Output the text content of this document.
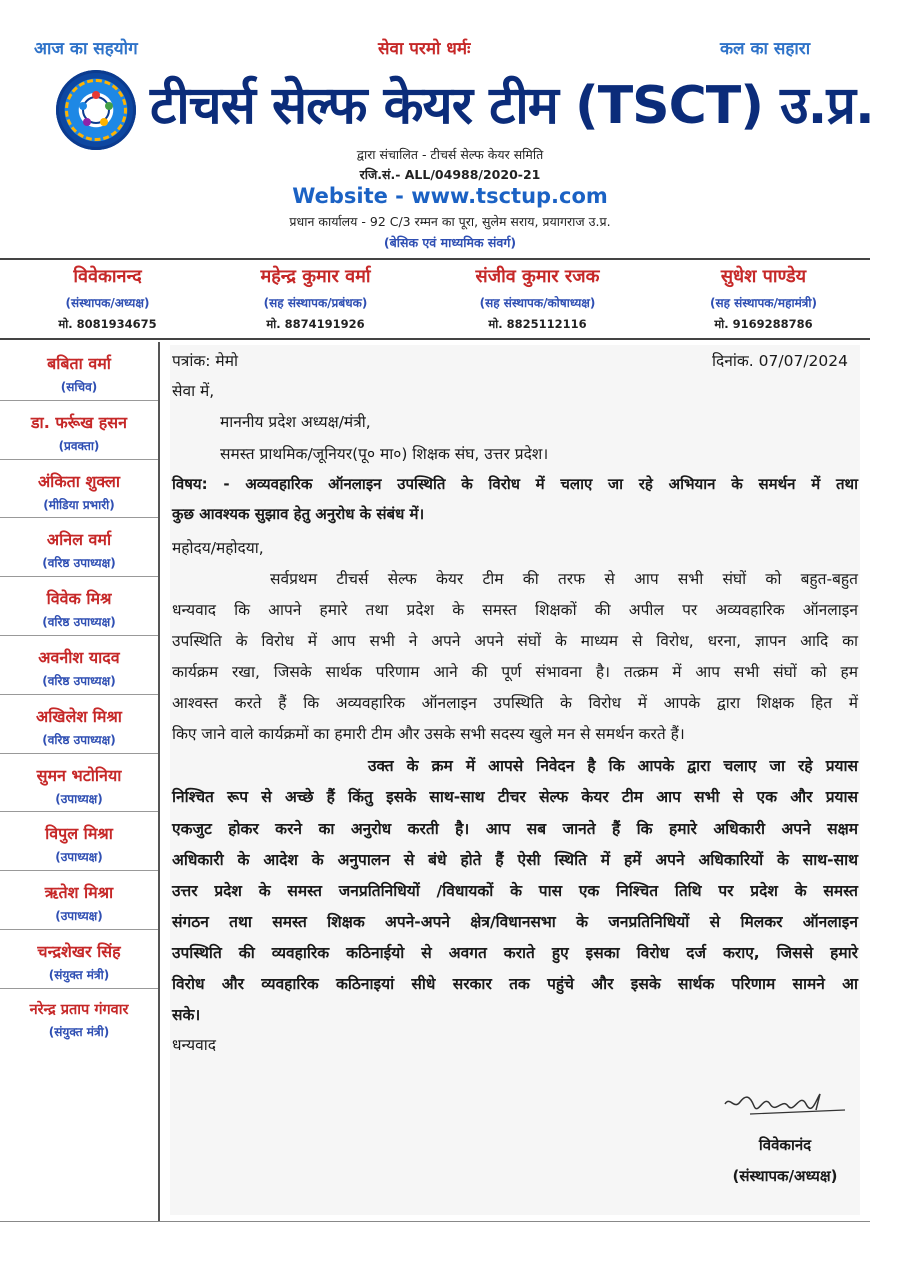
आज का सहयोग	सेवा परमो धर्मः	कल का सहारा
टीचर्स सेल्फ केयर टीम (TSCT) उ.प्र.
द्वारा संचालित - टीचर्स सेल्फ केयर समिति
रजि.सं.- ALL/04988/2020-21
Website - www.tsctup.com
प्रधान कार्यालय - 92 C/3 रम्मन का पूरा, सुलेम सराय, प्रयागराज उ.प्र.
(बेसिक एवं माध्यमिक संवर्ग)
विवेकानन्द
(संस्थापक/अध्यक्ष)
मो. 8081934675
महेन्द्र कुमार वर्मा
(सह संस्थापक/प्रबंधक)
मो. 8874191926
संजीव कुमार रजक
(सह संस्थापक/कोषाध्यक्ष)
मो. 8825112116
सुधेश पाण्डेय
(सह संस्थापक/महामंत्री)
मो. 9169288786
बबिता वर्मा
(सचिव)
डा. फर्रूख हसन
(प्रवक्ता)
अंकिता शुक्ला
(मीडिया प्रभारी)
अनिल वर्मा
(वरिष्ठ उपाध्यक्ष)
विवेक मिश्र
(वरिष्ठ उपाध्यक्ष)
अवनीश यादव
(वरिष्ठ उपाध्यक्ष)
अखिलेश मिश्रा
(वरिष्ठ उपाध्यक्ष)
सुमन भटोनिया
(उपाध्यक्ष)
विपुल मिश्रा
(उपाध्यक्ष)
ऋतेश मिश्रा
(उपाध्यक्ष)
चन्द्रशेखर सिंह
(संयुक्त मंत्री)
नरेन्द्र प्रताप गंगवार
(संयुक्त मंत्री)
पत्रांक: मेमो	दिनांक. 07/07/2024
सेवा में,
माननीय प्रदेश अध्यक्ष/मंत्री,
समस्त प्राथमिक/जूनियर(पू० मा०) शिक्षक संघ, उत्तर प्रदेश।
विषय: - अव्यवहारिक ऑनलाइन उपस्थिति के विरोध में चलाए जा रहे अभियान के समर्थन में तथा
कुछ आवश्यक सुझाव हेतु अनुरोध के संबंध में।
महोदय/महोदया,
सर्वप्रथम टीचर्स सेल्फ केयर टीम की तरफ से आप सभी संघों को बहुत-बहुत
धन्यवाद कि आपने हमारे तथा प्रदेश के समस्त शिक्षकों की अपील पर अव्यवहारिक ऑनलाइन
उपस्थिति के विरोध में आप सभी ने अपने अपने संघों के माध्यम से विरोध, धरना, ज्ञापन आदि का
कार्यक्रम रखा, जिसके सार्थक परिणाम आने की पूर्ण संभावना है। तत्क्रम में आप सभी संघों को हम
आश्वस्त करते हैं कि अव्यवहारिक ऑनलाइन उपस्थिति के विरोध में आपके द्वारा शिक्षक हित में
किए जाने वाले कार्यक्रमों का हमारी टीम और उसके सभी सदस्य खुले मन से समर्थन करते हैं।
उक्त के क्रम में आपसे निवेदन है कि आपके द्वारा चलाए जा रहे प्रयास
निश्चित रूप से अच्छे हैं किंतु इसके साथ-साथ टीचर सेल्फ केयर टीम आप सभी से एक और प्रयास
एकजुट होकर करने का अनुरोध करती है। आप सब जानते हैं कि हमारे अधिकारी अपने सक्षम
अधिकारी के आदेश के अनुपालन से बंधे होते हैं ऐसी स्थिति में हमें अपने अधिकारियों के साथ-साथ
उत्तर प्रदेश के समस्त जनप्रतिनिधियों /विधायकों के पास एक निश्चित तिथि पर प्रदेश के समस्त
संगठन तथा समस्त शिक्षक अपने-अपने क्षेत्र/विधानसभा के जनप्रतिनिधियों से मिलकर ऑनलाइन
उपस्थिति की व्यवहारिक कठिनाईयो से अवगत कराते हुए इसका विरोध दर्ज कराए, जिससे हमारे
विरोध और व्यवहारिक कठिनाइयां सीधे सरकार तक पहुंचे और इसके सार्थक परिणाम सामने आ
सके।
धन्यवाद
विवेकानंद
(संस्थापक/अध्यक्ष)
